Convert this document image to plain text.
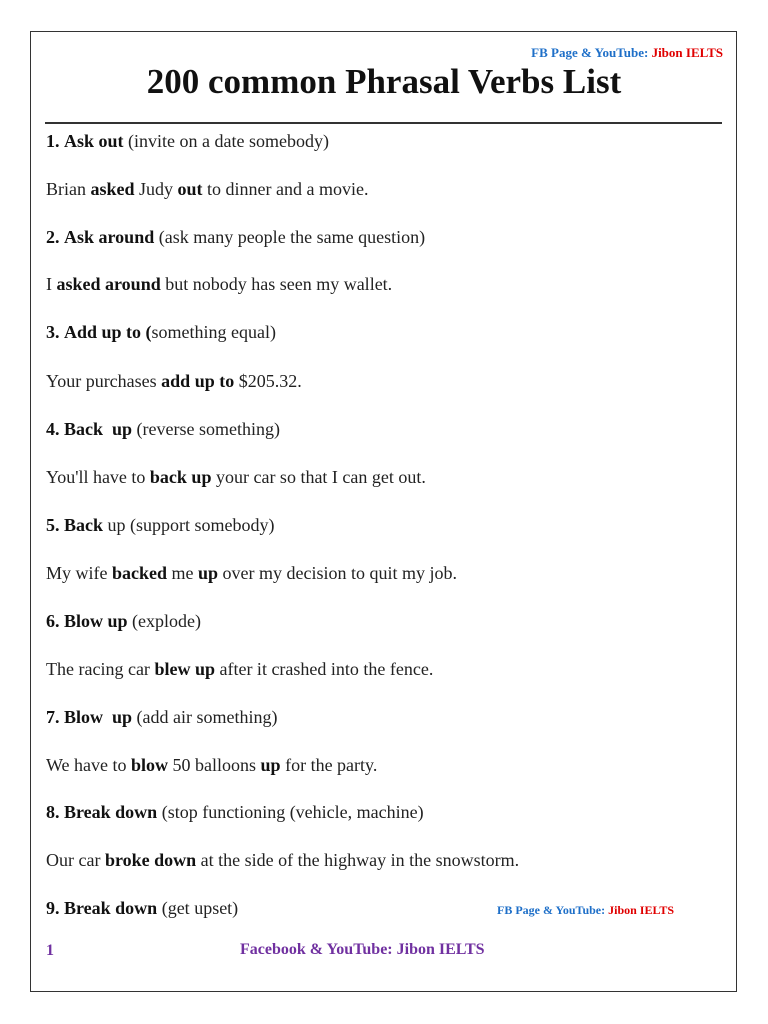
FB Page & YouTube: Jibon IELTS
200 common Phrasal Verbs List
1. Ask out (invite on a date somebody)
Brian asked Judy out to dinner and a movie.
2. Ask around (ask many people the same question)
I asked around but nobody has seen my wallet.
3. Add up to (something equal)
Your purchases add up to $205.32.
4. Back  up (reverse something)
You'll have to back up your car so that I can get out.
5. Back up (support somebody)
My wife backed me up over my decision to quit my job.
6. Blow up (explode)
The racing car blew up after it crashed into the fence.
7. Blow  up (add air something)
We have to blow 50 balloons up for the party.
8. Break down (stop functioning (vehicle, machine)
Our car broke down at the side of the highway in the snowstorm.
9. Break down (get upset)	FB Page & YouTube: Jibon IELTS
1	Facebook & YouTube: Jibon IELTS
